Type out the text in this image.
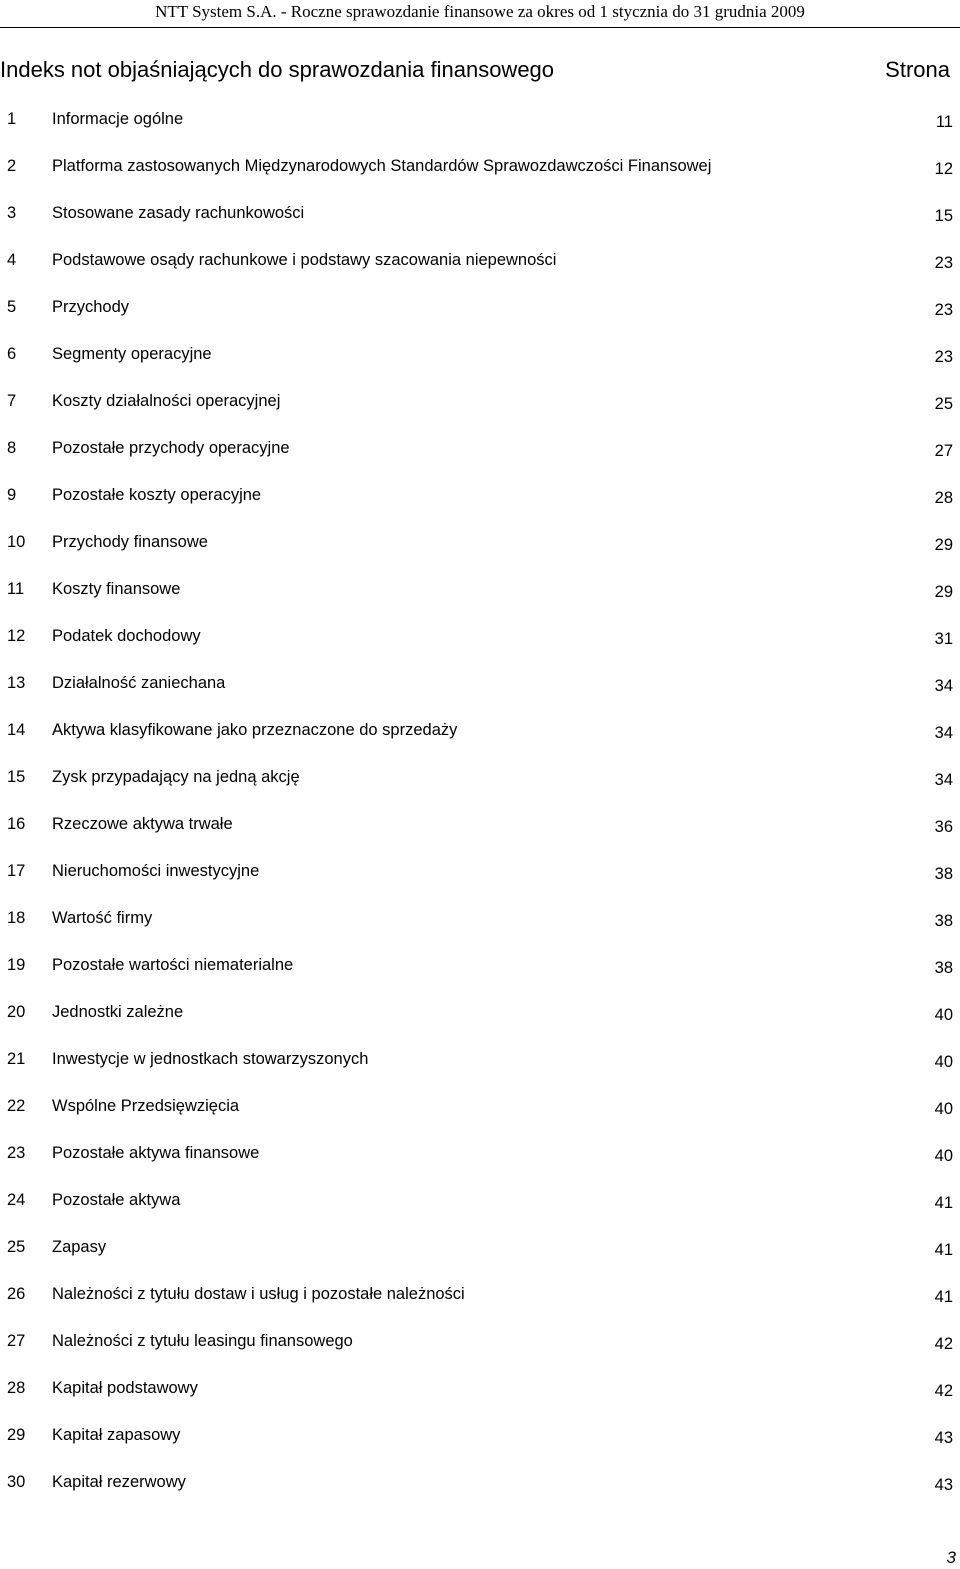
NTT System S.A. - Roczne sprawozdanie finansowe za okres od 1 stycznia do 31 grudnia 2009
Indeks not objaśniających do sprawozdania finansowego	Strona
1 Informacje ogólne	11
2 Platforma zastosowanych Międzynarodowych Standardów Sprawozdawczości Finansowej	12
3 Stosowane zasady rachunkowości	15
4 Podstawowe osądy rachunkowe i podstawy szacowania niepewności	23
5 Przychody	23
6 Segmenty operacyjne	23
7 Koszty działalności operacyjnej	25
8 Pozostałe przychody operacyjne	27
9 Pozostałe koszty operacyjne	28
10 Przychody finansowe	29
11 Koszty finansowe	29
12 Podatek dochodowy	31
13 Działalność zaniechana	34
14 Aktywa klasyfikowane jako przeznaczone do sprzedaży	34
15 Zysk przypadający na jedną akcję	34
16 Rzeczowe aktywa trwałe	36
17 Nieruchomości inwestycyjne	38
18 Wartość firmy	38
19 Pozostałe wartości niematerialne	38
20 Jednostki zależne	40
21 Inwestycje w jednostkach stowarzyszonych	40
22 Wspólne Przedsięwzięcia	40
23 Pozostałe aktywa finansowe	40
24 Pozostałe aktywa	41
25 Zapasy	41
26 Należności z tytułu dostaw i usług i pozostałe należności	41
27 Należności z tytułu leasingu finansowego	42
28 Kapitał podstawowy	42
29 Kapitał zapasowy	43
30 Kapitał rezerwowy	43
3
